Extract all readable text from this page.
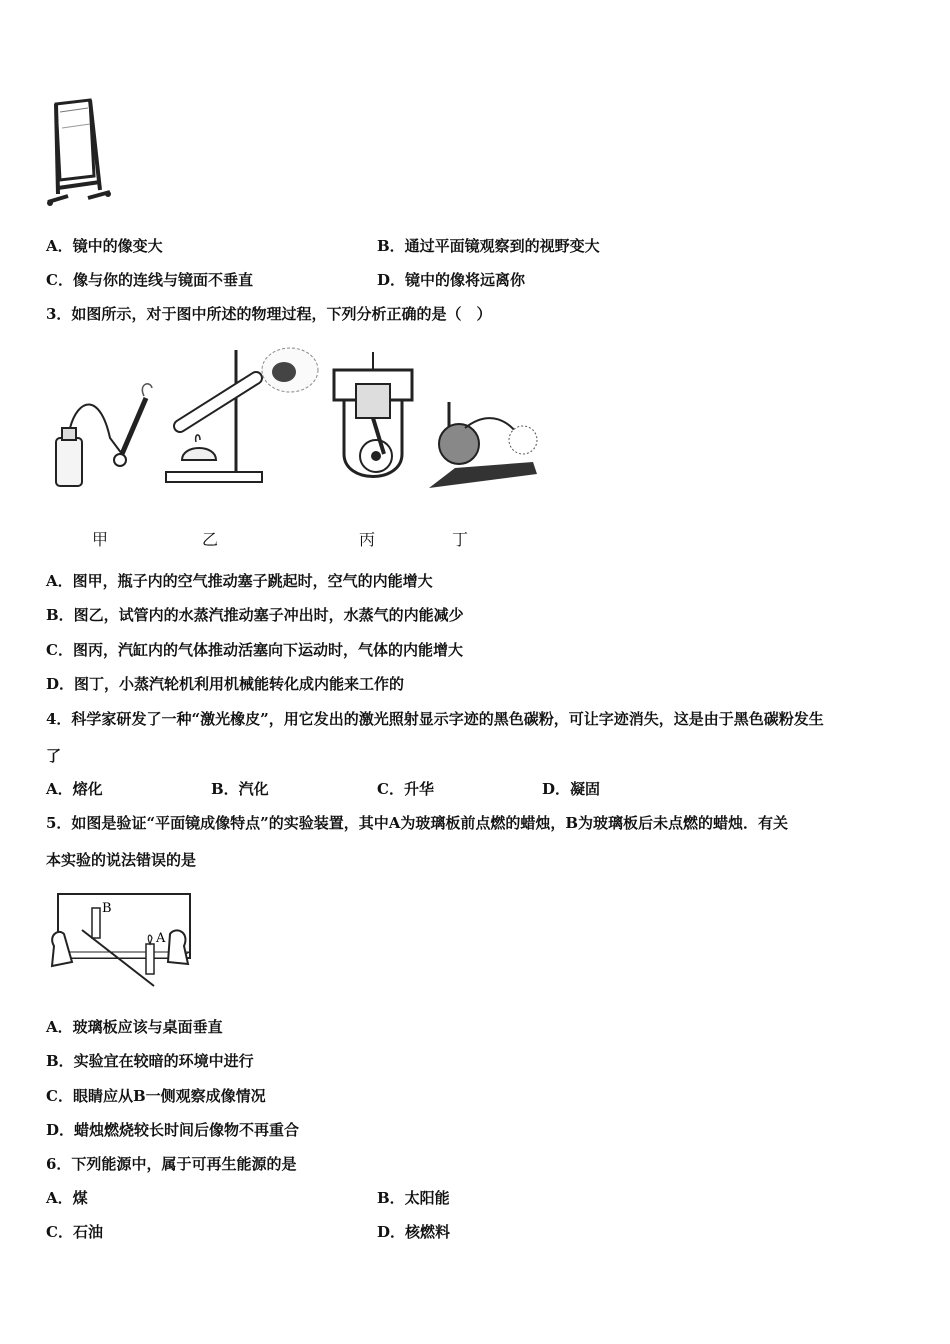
A．镜中的像变大	B．通过平面镜观察到的视野变大
C．像与你的连线与镜面不垂直	D．镜中的像将远离你
3．如图所示，对于图中所述的物理过程，下列分析正确的是（　）
甲	乙	丙	丁
A．图甲，瓶子内的空气推动塞子跳起时，空气的内能增大
B．图乙，试管内的水蒸汽推动塞子冲出时，水蒸气的内能减少
C．图丙，汽缸内的气体推动活塞向下运动时，气体的内能增大
D．图丁，小蒸汽轮机利用机械能转化成内能来工作的
4．科学家研发了一种“激光橡皮”，用它发出的激光照射显示字迹的黑色碳粉，可让字迹消失，这是由于黑色碳粉发生
了
A．熔化	B．汽化	C．升华	D．凝固
5．如图是验证“平面镜成像特点”的实验装置，其中A为玻璃板前点燃的蜡烛，B为玻璃板后未点燃的蜡烛．有关
本实验的说法错误的是
B
A
A．玻璃板应该与桌面垂直
B．实验宜在较暗的环境中进行
C．眼睛应从B一侧观察成像情况
D．蜡烛燃烧较长时间后像物不再重合
6．下列能源中，属于可再生能源的是
A．煤	B．太阳能
C．石油	D．核燃料
